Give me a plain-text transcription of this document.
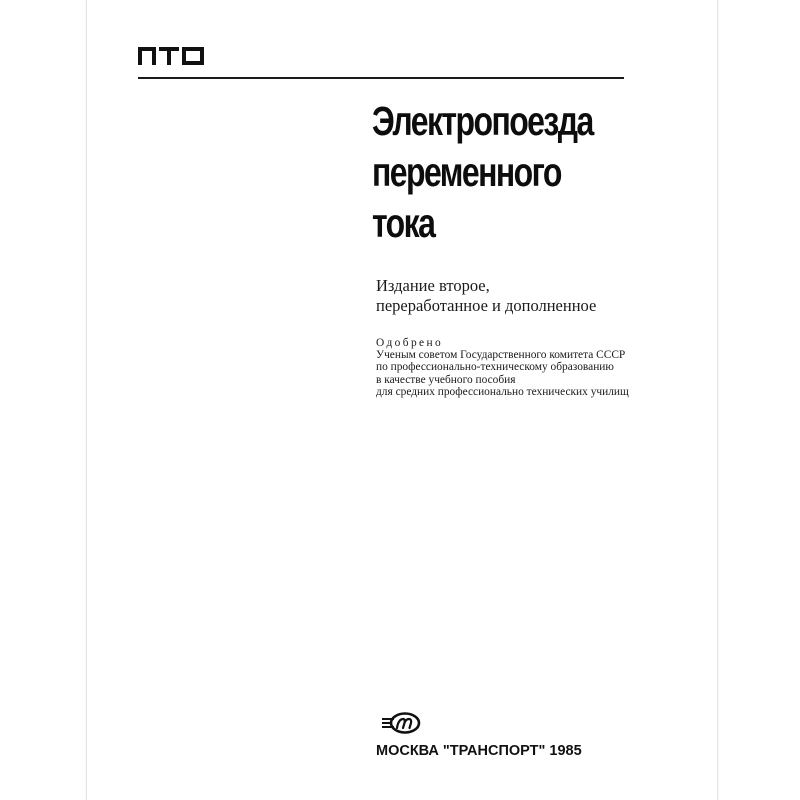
Электропоезда
переменного
тока
Издание второе,
переработанное и дополненное
Одобрено
Ученым советом Государственного комитета СССР
по профессионально-техническому образованию
в качестве учебного пособия
для средних профессионально технических училищ
МОСКВА "ТРАНСПОРТ" 1985
